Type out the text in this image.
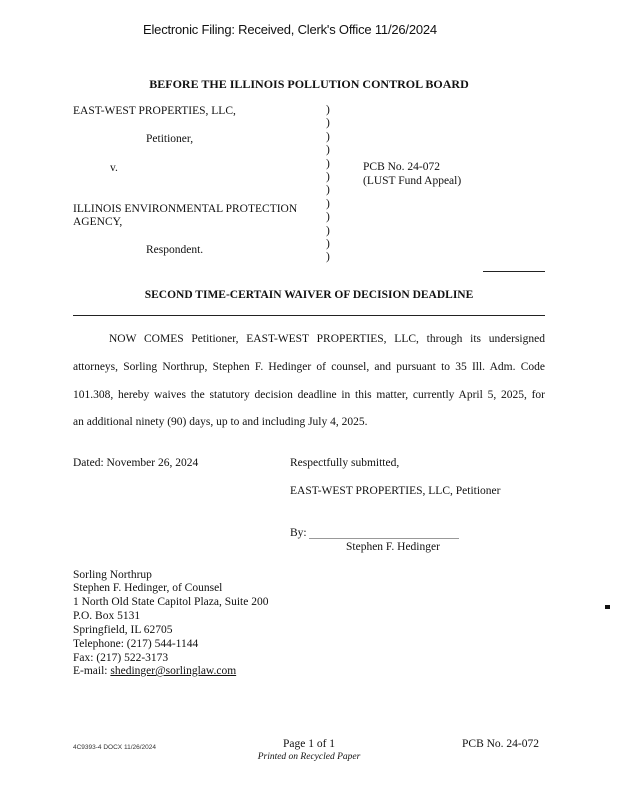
Electronic Filing: Received, Clerk's Office 11/26/2024
BEFORE THE ILLINOIS POLLUTION CONTROL BOARD
EAST-WEST PROPERTIES, LLC,
Petitioner,
v.
ILLINOIS ENVIRONMENTAL PROTECTION
AGENCY,
Respondent.
)
)
)
)
)
)
)
)
)
)
)
)
PCB No. 24-072
(LUST Fund Appeal)
SECOND TIME-CERTAIN WAIVER OF DECISION DEADLINE
NOW COMES Petitioner, EAST-WEST PROPERTIES, LLC, through its undersigned
attorneys, Sorling Northrup, Stephen F. Hedinger of counsel, and pursuant to 35 Ill. Adm. Code
101.308, hereby waives the statutory decision deadline in this matter, currently April 5, 2025, for
an additional ninety (90) days, up to and including July 4, 2025.
Dated: November 26, 2024	Respectfully submitted,
EAST-WEST PROPERTIES, LLC, Petitioner
By:
Stephen F. Hedinger
Sorling Northrup
Stephen F. Hedinger, of Counsel
1 North Old State Capitol Plaza, Suite 200
P.O. Box 5131
Springfield, IL 62705
Telephone: (217) 544-1144
Fax: (217) 522-3173
E-mail: shedinger@sorlinglaw.com
4C9393-4 DOCX 11/26/2024	Page 1 of 1
Printed on Recycled Paper
PCB No. 24-072
